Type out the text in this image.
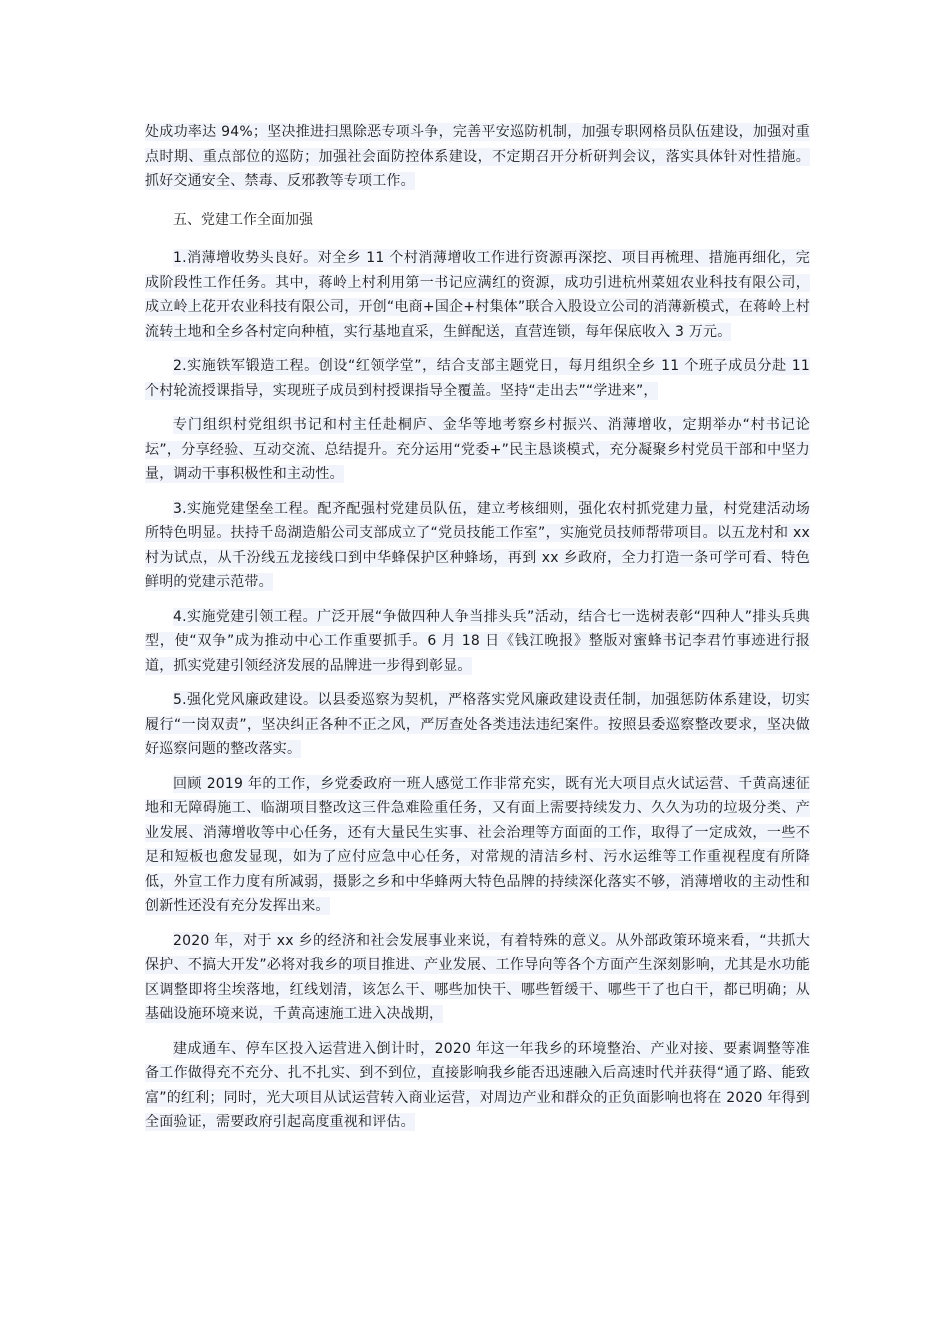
处成功率达 94%；坚决推进扫黑除恶专项斗争，完善平安巡防机制，加强专职网格员队伍建设，加强对重点时期、重点部位的巡防；加强社会面防控体系建设，不定期召开分析研判会议，落实具体针对性措施。抓好交通安全、禁毒、反邪教等专项工作。

五、党建工作全面加强

1.消薄增收势头良好。对全乡 11 个村消薄增收工作进行资源再深挖、项目再梳理、措施再细化，完成阶段性工作任务。其中，蒋岭上村利用第一书记应满红的资源，成功引进杭州菜妞农业科技有限公司，成立岭上花开农业科技有限公司，开创“电商+国企+村集体”联合入股设立公司的消薄新模式，在蒋岭上村流转土地和全乡各村定向种植，实行基地直采，生鲜配送，直营连锁，每年保底收入 3 万元。

2.实施铁军锻造工程。创设“红领学堂”，结合支部主题党日，每月组织全乡 11 个班子成员分赴 11 个村轮流授课指导，实现班子成员到村授课指导全覆盖。坚持“走出去”“学进来”，

专门组织村党组织书记和村主任赴桐庐、金华等地考察乡村振兴、消薄增收，定期举办“村书记论坛”，分享经验、互动交流、总结提升。充分运用“党委+”民主恳谈模式，充分凝聚乡村党员干部和中坚力量，调动干事积极性和主动性。

3.实施党建堡垒工程。配齐配强村党建员队伍，建立考核细则，强化农村抓党建力量，村党建活动场所特色明显。扶持千岛湖造船公司支部成立了“党员技能工作室”，实施党员技师帮带项目。以五龙村和 xx 村为试点，从千汾线五龙接线口到中华蜂保护区种蜂场，再到 xx 乡政府，全力打造一条可学可看、特色鲜明的党建示范带。

4.实施党建引领工程。广泛开展“争做四种人争当排头兵”活动，结合七一选树表彰“四种人”排头兵典型，使“双争”成为推动中心工作重要抓手。6 月 18 日《钱江晚报》整版对蜜蜂书记李君竹事迹进行报道，抓实党建引领经济发展的品牌进一步得到彰显。

5.强化党风廉政建设。以县委巡察为契机，严格落实党风廉政建设责任制，加强惩防体系建设，切实履行“一岗双责”，坚决纠正各种不正之风，严厉查处各类违法违纪案件。按照县委巡察整改要求，坚决做好巡察问题的整改落实。

回顾 2019 年的工作，乡党委政府一班人感觉工作非常充实，既有光大项目点火试运营、千黄高速征地和无障碍施工、临湖项目整改这三件急难险重任务，又有面上需要持续发力、久久为功的垃圾分类、产业发展、消薄增收等中心任务，还有大量民生实事、社会治理等方面面的工作，取得了一定成效，一些不足和短板也愈发显现，如为了应付应急中心任务，对常规的清洁乡村、污水运维等工作重视程度有所降低，外宣工作力度有所减弱，摄影之乡和中华蜂两大特色品牌的持续深化落实不够，消薄增收的主动性和创新性还没有充分发挥出来。

2020 年，对于 xx 乡的经济和社会发展事业来说，有着特殊的意义。从外部政策环境来看，“共抓大保护、不搞大开发”必将对我乡的项目推进、产业发展、工作导向等各个方面产生深刻影响，尤其是水功能区调整即将尘埃落地，红线划清，该怎么干、哪些加快干、哪些暂缓干、哪些干了也白干，都已明确；从基础设施环境来说，千黄高速施工进入决战期，

建成通车、停车区投入运营进入倒计时，2020 年这一年我乡的环境整治、产业对接、要素调整等准备工作做得充不充分、扎不扎实、到不到位，直接影响我乡能否迅速融入后高速时代并获得“通了路、能致富”的红利；同时，光大项目从试运营转入商业运营，对周边产业和群众的正负面影响也将在 2020 年得到全面验证，需要政府引起高度重视和评估。
